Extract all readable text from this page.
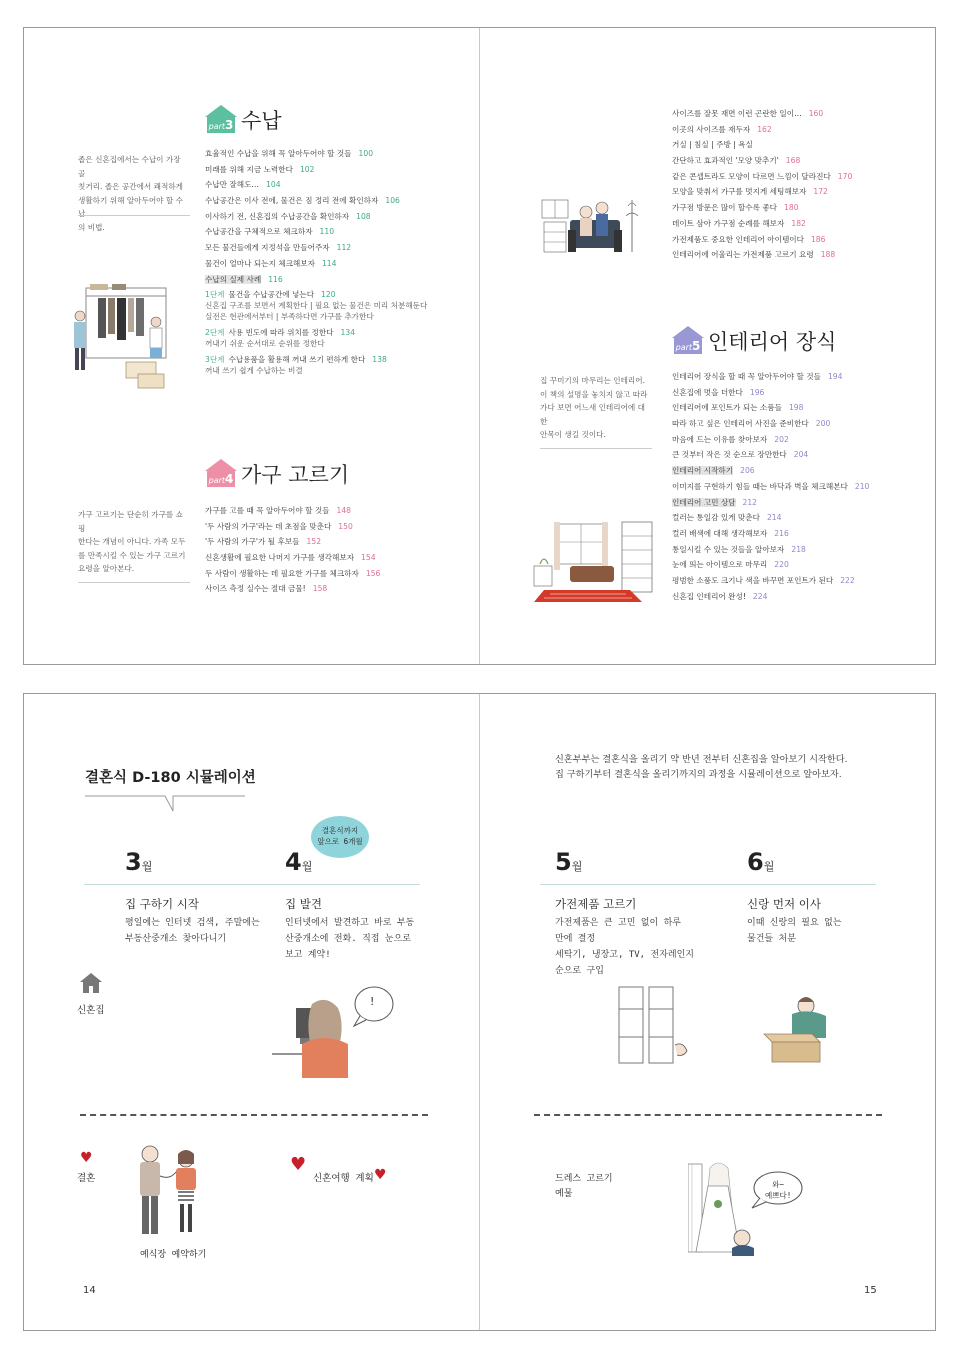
part3 수납
좁은 신혼집에서는 수납이 가장 골
칫거리. 좁은 공간에서 쾌적하게
생활하기 위해 알아두어야 할 수납
의 비법.
효율적인 수납을 위해 꼭 알아두어야 할 것들 100
미래를 위해 지금 노력한다 102
수납만 잘해도… 104
수납공간은 이사 전에, 물건은 짐 정리 전에 확인하자 106
이사하기 전, 신혼집의 수납공간을 확인하자 108
수납공간을 구체적으로 체크하자 110
모든 물건들에게 지정석을 만들어주자 112
물건이 얼마나 되는지 체크해보자 114
수납의 실제 사례 116
1단계 물건을 수납공간에 넣는다 120
신혼집 구조를 보면서 계획한다 | 필요 없는 물건은 미리 처분해둔다
실전은 현관에서부터 | 부족하다면 가구를 추가한다
2단계 사용 빈도에 따라 위치를 정한다 134
꺼내기 쉬운 순서대로 순위를 정한다
3단계 수납용품을 활용해 꺼내 쓰기 편하게 한다 138
꺼내 쓰기 쉽게 수납하는 비결
part4 가구 고르기
가구 고르기는 단순히 가구를 쇼핑
한다는 개념이 아니다. 가족 모두
를 만족시킬 수 있는 가구 고르기
요령을 알아본다.
가구를 고를 때 꼭 알아두어야 할 것들 148
'두 사람의 가구'라는 데 초점을 맞춘다 150
'두 사람의 가구'가 될 후보들 152
신혼생활에 필요한 나머지 가구를 생각해보자 154
두 사람이 생활하는 데 필요한 가구를 체크하자 156
사이즈 측정 실수는 절대 금물! 158
사이즈를 잘못 재면 이런 곤란한 일이… 160
이곳의 사이즈를 재두자 162
거실 | 침실 | 주방 | 욕실
간단하고 효과적인 '모양 맞추기' 168
같은 콘셉트라도 모양이 다르면 느낌이 달라진다 170
모양을 맞춰서 가구를 멋지게 세팅해보자 172
가구점 방문은 많이 할수록 좋다 180
데이트 삼아 가구점 순례를 해보자 182
가전제품도 중요한 인테리어 아이템이다 186
인테리어에 어울리는 가전제품 고르기 요령 188
part5 인테리어 장식
집 꾸미기의 마무리는 인테리어.
이 책의 설명을 놓치지 않고 따라
가다 보면 어느새 인테리어에 대한
안목이 생길 것이다.
인테리어 장식을 할 때 꼭 알아두어야 할 것들 194
신혼집에 멋을 더한다 196
인테리어에 포인트가 되는 소품들 198
따라 하고 싶은 인테리어 사진을 준비한다 200
마음에 드는 이유를 찾아보자 202
큰 것부터 작은 것 순으로 장만한다 204
인테리어 시작하기 206
이미지를 구현하기 힘들 때는 바닥과 벽을 체크해본다 210
인테리어 고민 상담 212
컬러는 통일감 있게 맞춘다 214
컬러 배색에 대해 생각해보자 216
통일시킬 수 있는 것들을 알아보자 218
눈에 띄는 아이템으로 마무리 220
평범한 소품도 크기나 색을 바꾸면 포인트가 된다 222
신혼집 인테리어 완성! 224
결혼식 D-180 시뮬레이션
결혼식까지
앞으로 6개월
3월	4월
집 구하기 시작
평일에는 인터넷 검색, 주말에는
부동산중개소 찾아다니기
집 발견
인터넷에서 발견하고 바로 부동
산중개소에 전화. 직접 눈으로
보고 계약!
신혼집
!
♥
결혼
예식장 예약하기
♥
신혼여행 계획 ♥
14
신혼부부는 결혼식을 올리기 약 반년 전부터 신혼집을 알아보기 시작한다.
집 구하기부터 결혼식을 올리기까지의 과정을 시뮬레이션으로 알아보자.
5월	6월
가전제품 고르기
가전제품은 큰 고민 없이 하루
만에 결정
세탁기, 냉장고, TV, 전자레인지
순으로 구입
신랑 먼저 이사
이때 신랑의 필요 없는
물건들 처분
드레스 고르기
예물
와~
예쁘다!
15
